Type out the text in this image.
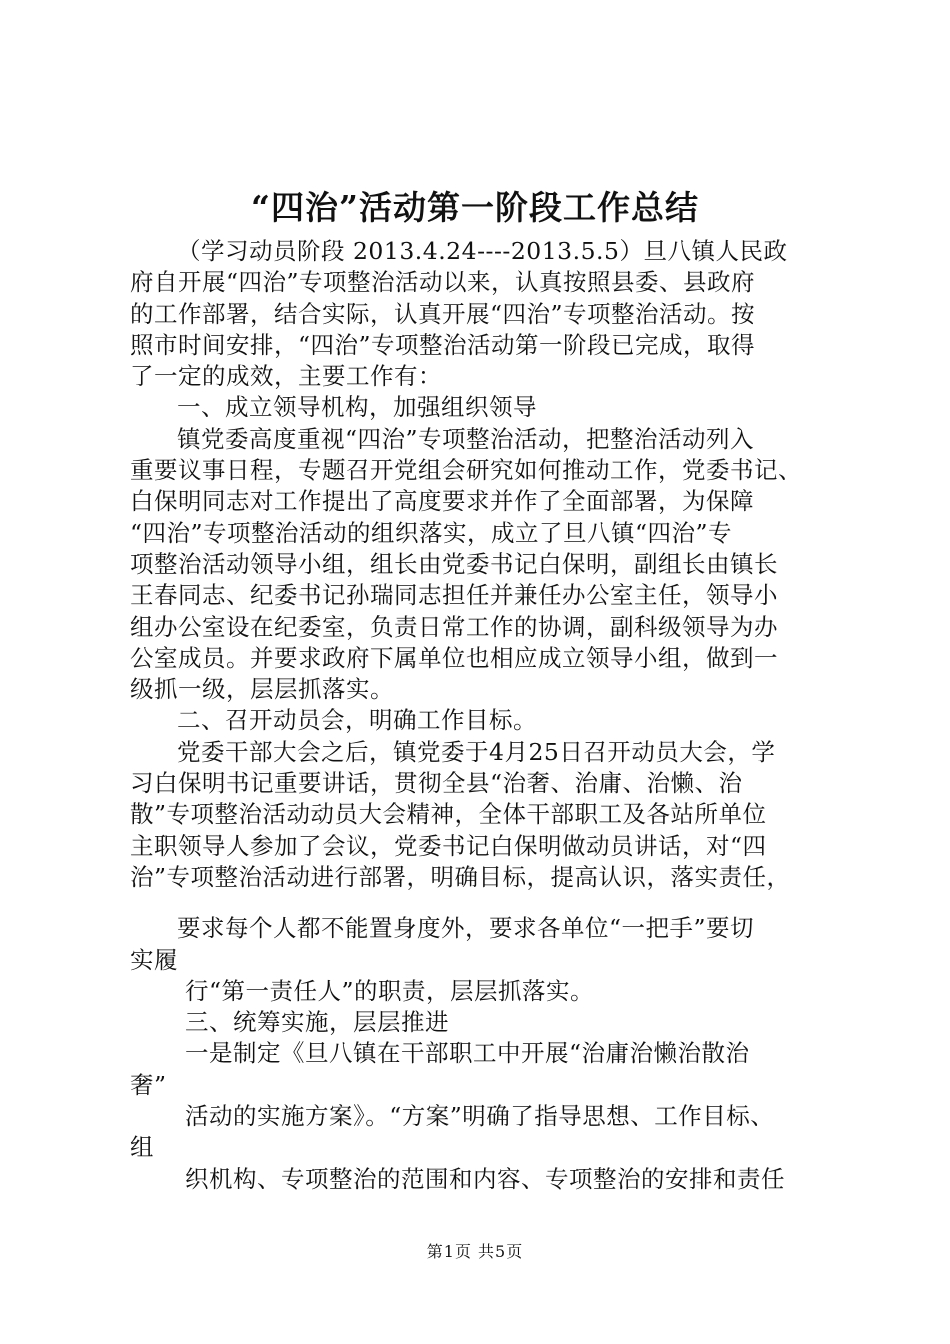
“四治”活动第一阶段工作总结
（学习动员阶段 2013.4.24----2013.5.5）旦八镇人民政
府自开展“四治”专项整治活动以来，认真按照县委、县政府
的工作部署，结合实际，认真开展“四治”专项整治活动。按
照市时间安排，“四治”专项整治活动第一阶段已完成，取得
了一定的成效，主要工作有：
一、成立领导机构，加强组织领导
镇党委高度重视“四治”专项整治活动，把整治活动列入
重要议事日程，专题召开党组会研究如何推动工作，党委书记、
白保明同志对工作提出了高度要求并作了全面部署，为保障
“四治”专项整治活动的组织落实，成立了旦八镇“四治”专
项整治活动领导小组，组长由党委书记白保明，副组长由镇长
王春同志、纪委书记孙瑞同志担任并兼任办公室主任，领导小
组办公室设在纪委室，负责日常工作的协调，副科级领导为办
公室成员。并要求政府下属单位也相应成立领导小组，做到一
级抓一级，层层抓落实。
二、召开动员会，明确工作目标。
党委干部大会之后，镇党委于4月25日召开动员大会，学
习白保明书记重要讲话，贯彻全县“治奢、治庸、治懒、治
散”专项整治活动动员大会精神，全体干部职工及各站所单位
主职领导人参加了会议，党委书记白保明做动员讲话，对“四
治”专项整治活动进行部署，明确目标，提高认识，落实责任，
要求每个人都不能置身度外，要求各单位“一把手”要切
实履
行“第一责任人”的职责，层层抓落实。
三、统筹实施，层层推进
一是制定《旦八镇在干部职工中开展“治庸治懒治散治
奢”
活动的实施方案》。“方案”明确了指导思想、工作目标、
组
织机构、专项整治的范围和内容、专项整治的安排和责任
第1页 共5页
